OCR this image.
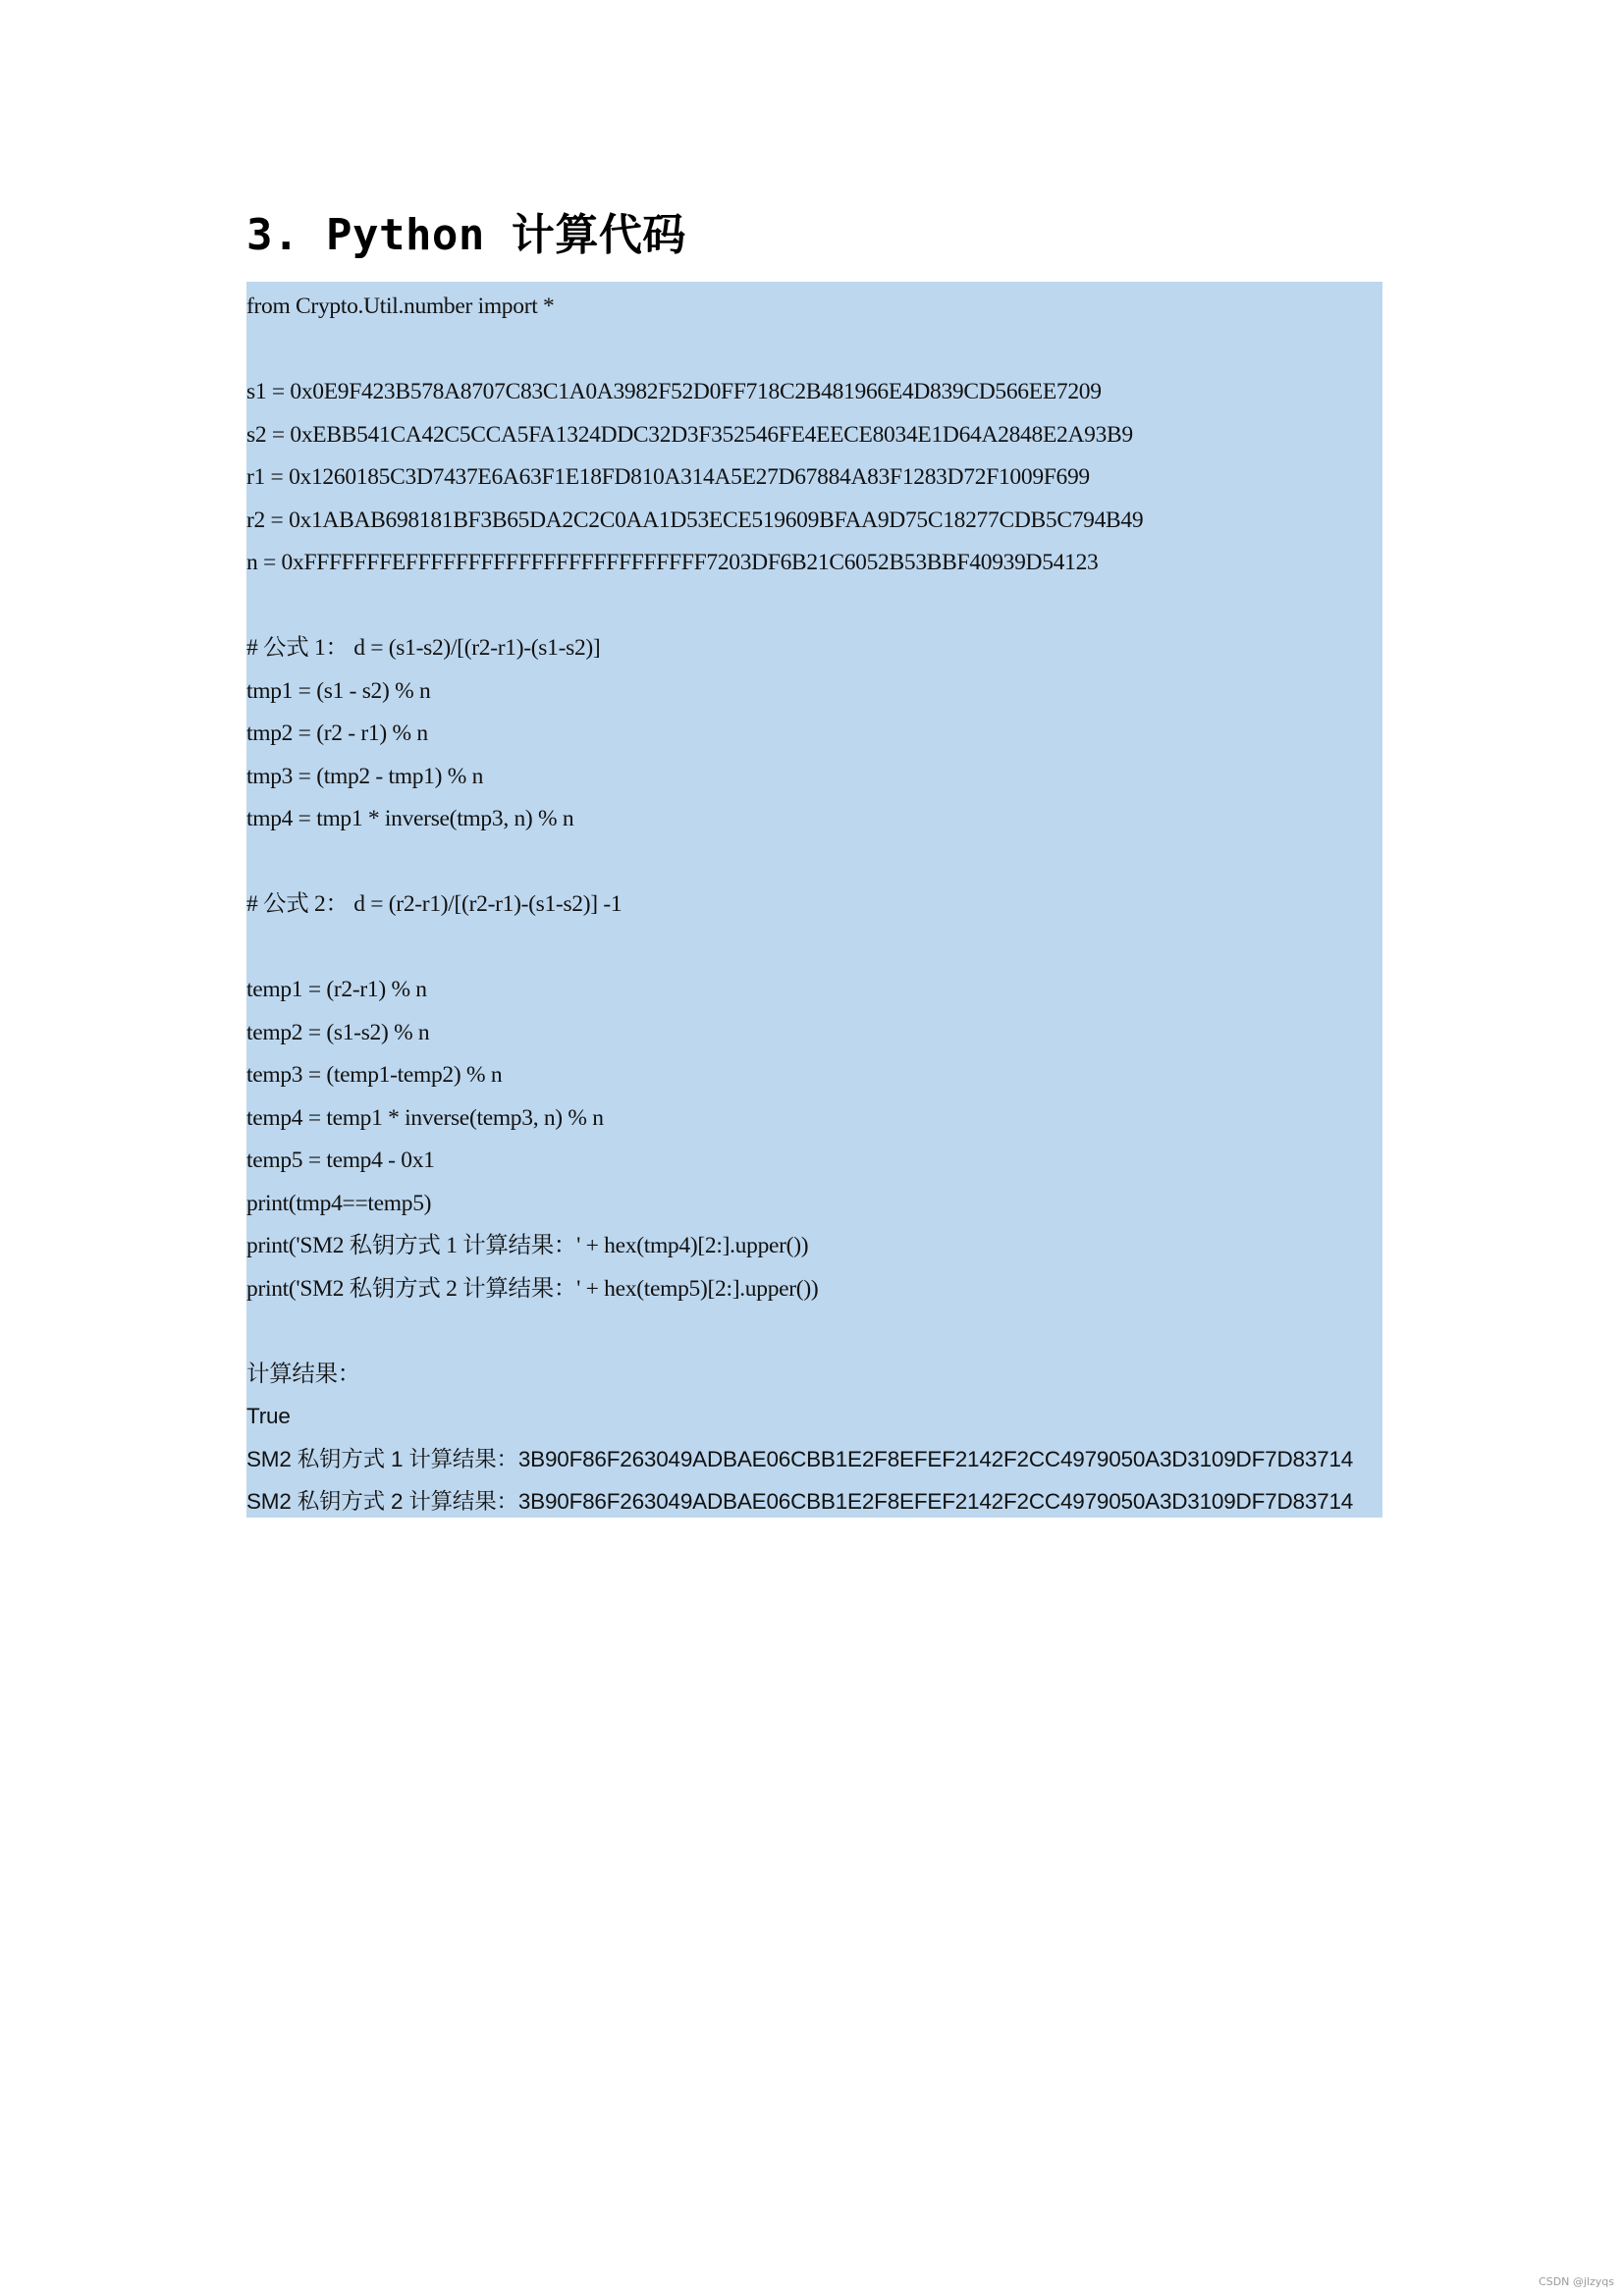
3. Python 计算代码
from Crypto.Util.number import *
s1 = 0x0E9F423B578A8707C83C1A0A3982F52D0FF718C2B481966E4D839CD566EE7209
s2 = 0xEBB541CA42C5CCA5FA1324DDC32D3F352546FE4EECE8034E1D64A2848E2A93B9
r1 = 0x1260185C3D7437E6A63F1E18FD810A314A5E27D67884A83F1283D72F1009F699
r2 = 0x1ABAB698181BF3B65DA2C2C0AA1D53ECE519609BFAA9D75C18277CDB5C794B49
n = 0xFFFFFFFEFFFFFFFFFFFFFFFFFFFFFFFF7203DF6B21C6052B53BBF40939D54123
# 公式 1： d = (s1-s2)/[(r2-r1)-(s1-s2)]
tmp1 = (s1 - s2) % n
tmp2 = (r2 - r1) % n
tmp3 = (tmp2 - tmp1) % n
tmp4 = tmp1 * inverse(tmp3, n) % n
# 公式 2： d = (r2-r1)/[(r2-r1)-(s1-s2)] -1
temp1 = (r2-r1) % n
temp2 = (s1-s2) % n
temp3 = (temp1-temp2) % n
temp4 = temp1 * inverse(temp3, n) % n
temp5 = temp4 - 0x1
print(tmp4==temp5)
print('SM2 私钥方式 1 计算结果：' + hex(tmp4)[2:].upper())
print('SM2 私钥方式 2 计算结果：' + hex(temp5)[2:].upper())
计算结果：
True
SM2 私钥方式 1 计算结果：3B90F86F263049ADBAE06CBB1E2F8EFEF2142F2CC4979050A3D3109DF7D83714
SM2 私钥方式 2 计算结果：3B90F86F263049ADBAE06CBB1E2F8EFEF2142F2CC4979050A3D3109DF7D83714
CSDN @jlzyqs
